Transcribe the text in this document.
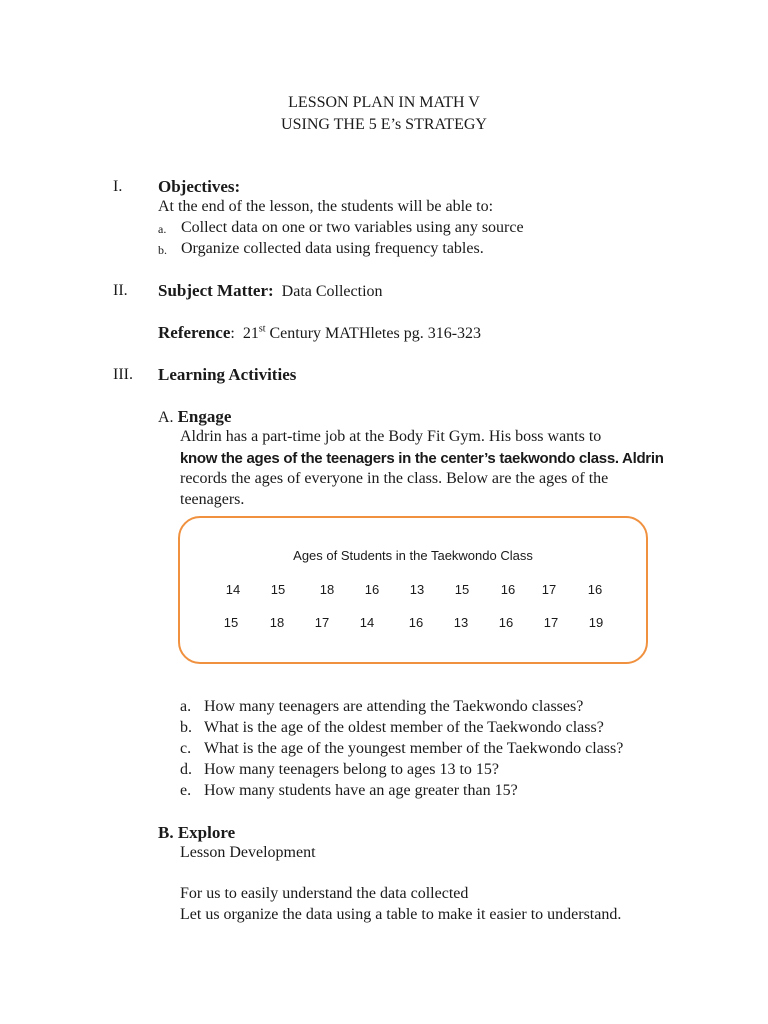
LESSON PLAN IN MATH V
USING THE 5 E’s STRATEGY
I. Objectives:
At the end of the lesson, the students will be able to:
a. Collect data on one or two variables using any source
b. Organize collected data using frequency tables.
II. Subject Matter: Data Collection
Reference: 21st Century MATHletes pg. 316-323
III. Learning Activities
A. Engage
Aldrin has a part-time job at the Body Fit Gym. His boss wants to
know the ages of the teenagers in the center’s taekwondo class. Aldrin
records the ages of everyone in the class. Below are the ages of the
teenagers.
Ages of Students in the Taekwondo Class
14	15	18	16	13	15	16	17	16
15	18	17	14	16	13	16	17	19
a. How many teenagers are attending the Taekwondo classes?
b. What is the age of the oldest member of the Taekwondo class?
c. What is the age of the youngest member of the Taekwondo class?
d. How many teenagers belong to ages 13 to 15?
e. How many students have an age greater than 15?
B. Explore
Lesson Development
For us to easily understand the data collected
Let us organize the data using a table to make it easier to understand.
